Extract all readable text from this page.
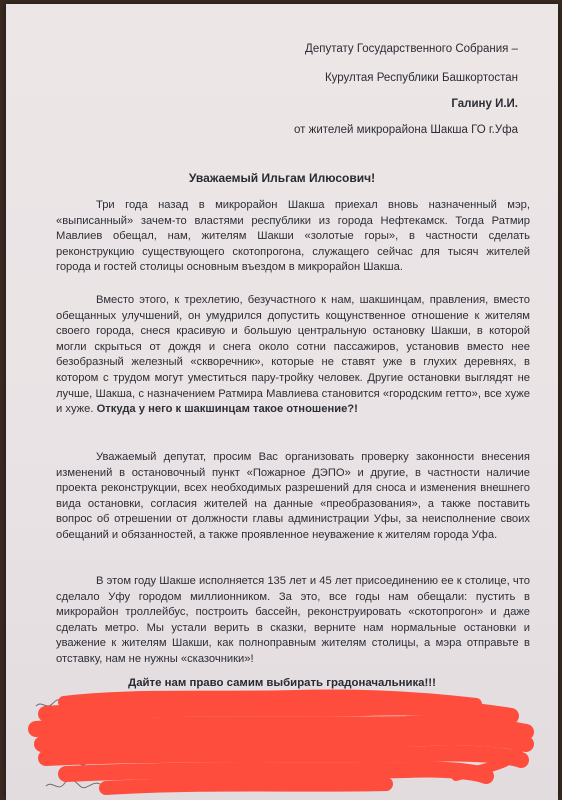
Депутату Государственного Собрания –
Курултая Республики Башкортостан
Галину И.И.
от жителей микрорайона Шакша ГО г.Уфа
Уважаемый Ильгам Илюсович!
Три года назад в микрорайон Шакша приехал вновь назначенный мэр, «выписанный» зачем-то властями республики из города Нефтекамск. Тогда Ратмир Мавлиев обещал, нам, жителям Шакши «золотые горы», в частности сделать реконструкцию существующего скотопрогона, служащего сейчас для тысяч жителей города и гостей столицы основным въездом в микрорайон Шакша.
Вместо этого, к трехлетию, безучастного к нам, шакшинцам, правления, вместо обещанных улучшений, он умудрился допустить кощунственное отношение к жителям своего города, снеся красивую и большую центральную остановку Шакши, в которой могли скрыться от дождя и снега около сотни пассажиров, установив вместо нее безобразный железный «скворечник», которые не ставят уже в глухих деревнях, в котором с трудом могут уместиться пару-тройку человек. Другие остановки выглядят не лучше, Шакша, с назначением Ратмира Мавлиева становится «городским гетто», все хуже и хуже. Откуда у него к шакшинцам такое отношение?!
Уважаемый депутат, просим Вас организовать проверку законности внесения изменений в остановочный пункт «Пожарное ДЭПО» и другие, в частности наличие проекта реконструкции, всех необходимых разрешений для сноса и изменения внешнего вида остановки, согласия жителей на данные «преобразования», а также поставить вопрос об отрешении от должности главы администрации Уфы, за неисполнение своих обещаний и обязанностей, а также проявленное неуважение к жителям города Уфа.
В этом году Шакше исполняется 135 лет и 45 лет присоединению ее к столице, что сделало Уфу городом миллионником. За это, все годы нам обещали: пустить в микрорайон троллейбус, построить бассейн, реконструировать «скотопрогон» и даже сделать метро. Мы устали верить в сказки, верните нам нормальные остановки и уважение к жителям Шакши, как полноправным жителям столицы, а мэра отправьте в отставку, нам не нужны «сказочники»!
Дайте нам право самим выбирать градоначальника!!!
